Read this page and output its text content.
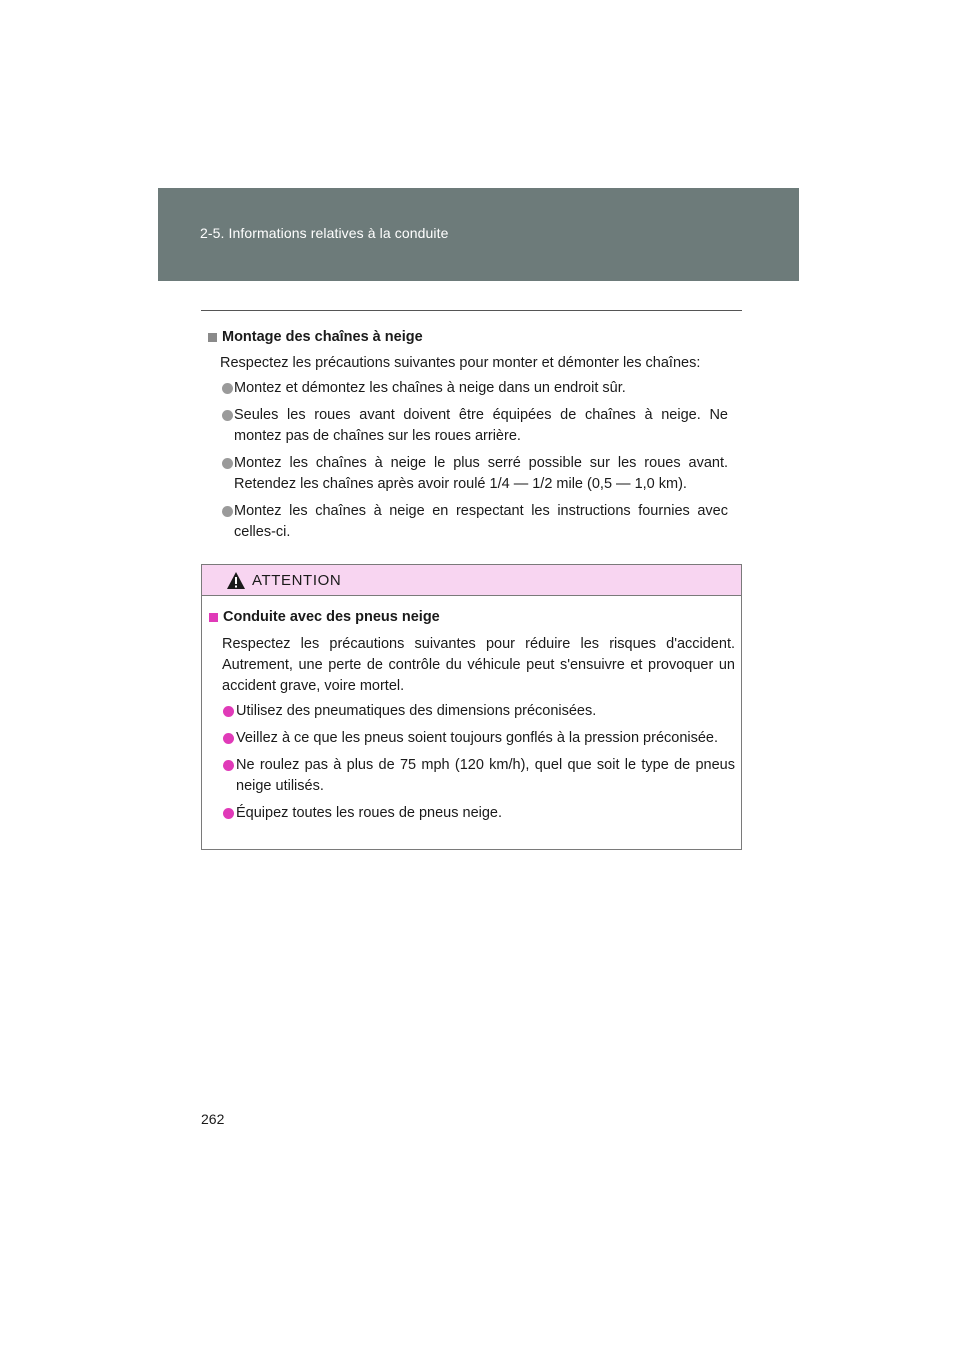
2-5. Informations relatives à la conduite
Montage des chaînes à neige
Respectez les précautions suivantes pour monter et démonter les chaînes:
Montez et démontez les chaînes à neige dans un endroit sûr.
Seules les roues avant doivent être équipées de chaînes à neige. Ne montez pas de chaînes sur les roues arrière.
Montez les chaînes à neige le plus serré possible sur les roues avant. Retendez les chaînes après avoir roulé 1/4 — 1/2 mile (0,5 — 1,0 km).
Montez les chaînes à neige en respectant les instructions fournies avec celles-ci.
ATTENTION
Conduite avec des pneus neige
Respectez les précautions suivantes pour réduire les risques d'accident. Autrement, une perte de contrôle du véhicule peut s'ensuivre et provoquer un accident grave, voire mortel.
Utilisez des pneumatiques des dimensions préconisées.
Veillez à ce que les pneus soient toujours gonflés à la pression préconisée.
Ne roulez pas à plus de 75 mph (120 km/h), quel que soit le type de pneus neige utilisés.
Équipez toutes les roues de pneus neige.
262
